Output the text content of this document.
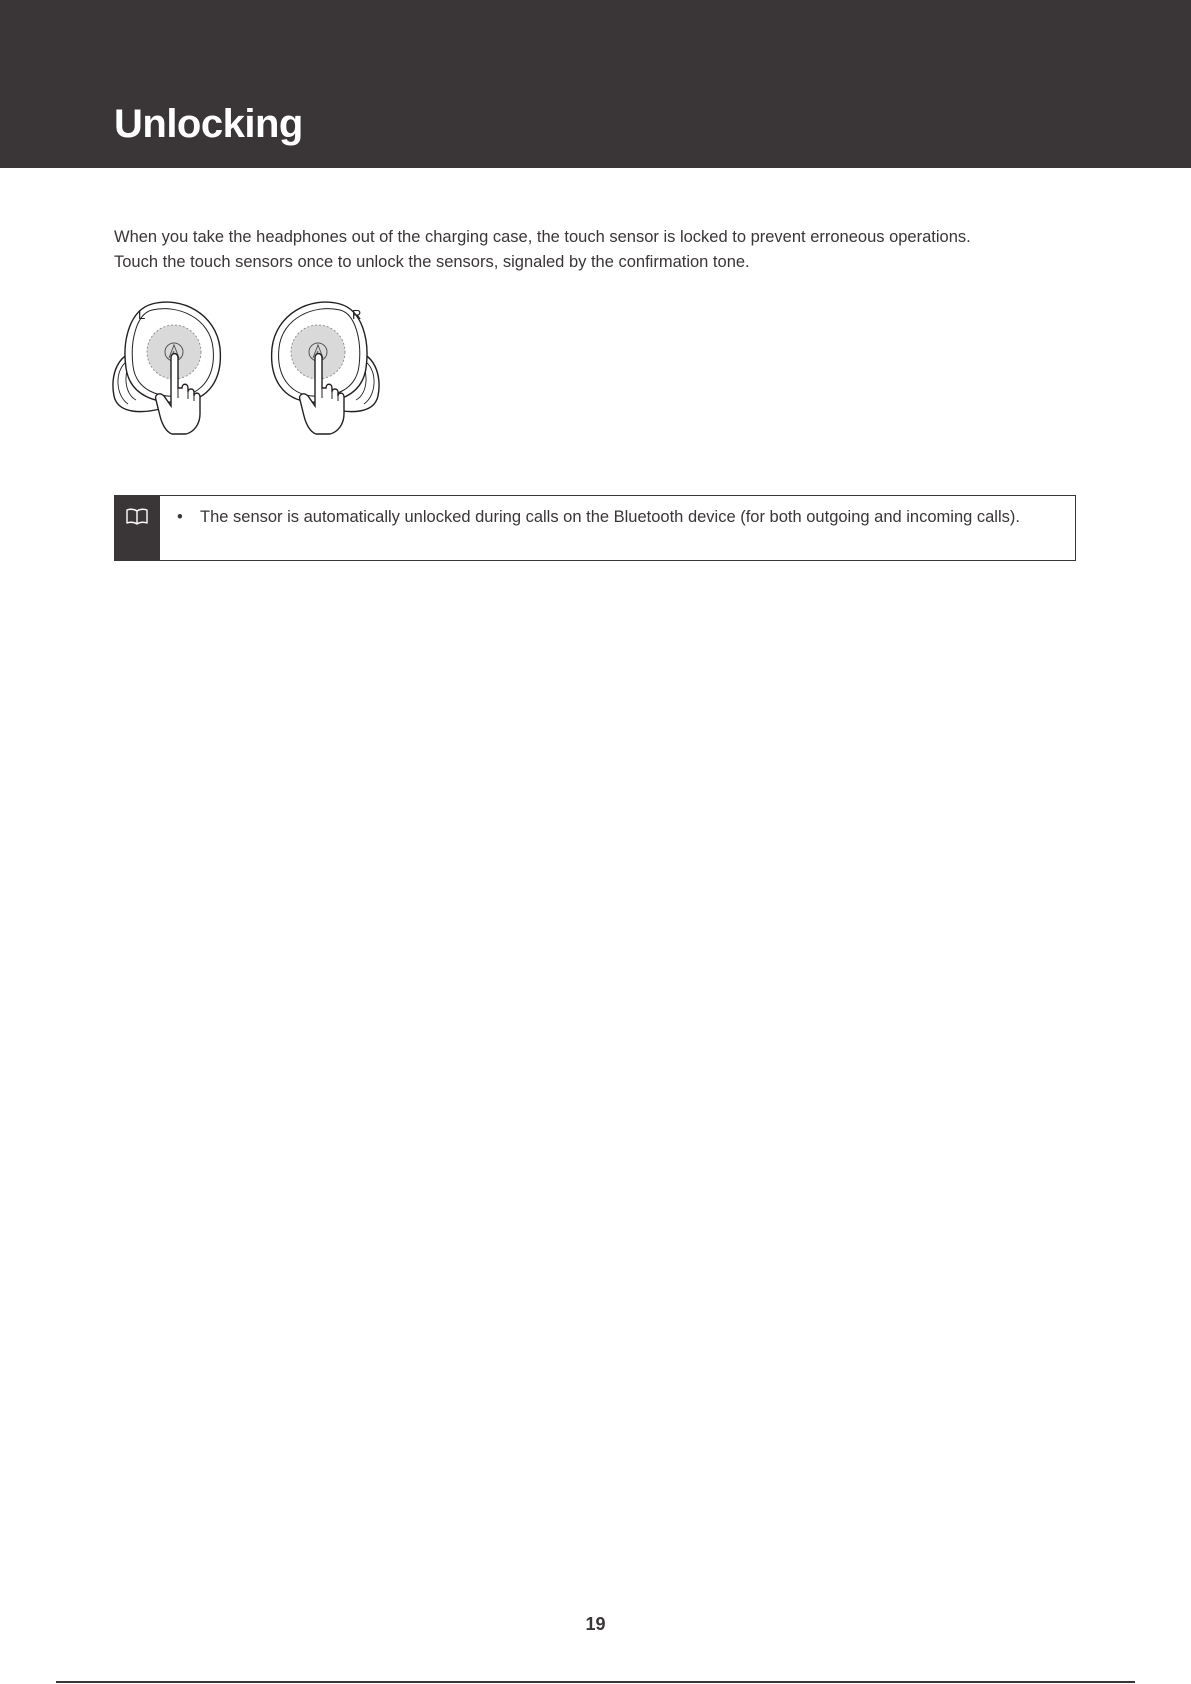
Unlocking

When you take the headphones out of the charging case, the touch sensor is locked to prevent erroneous operations.

Touch the touch sensors once to unlock the sensors, signaled by the confirmation tone.

L	R
• The sensor is automatically unlocked during calls on the Bluetooth device (for both outgoing and incoming calls).
19
